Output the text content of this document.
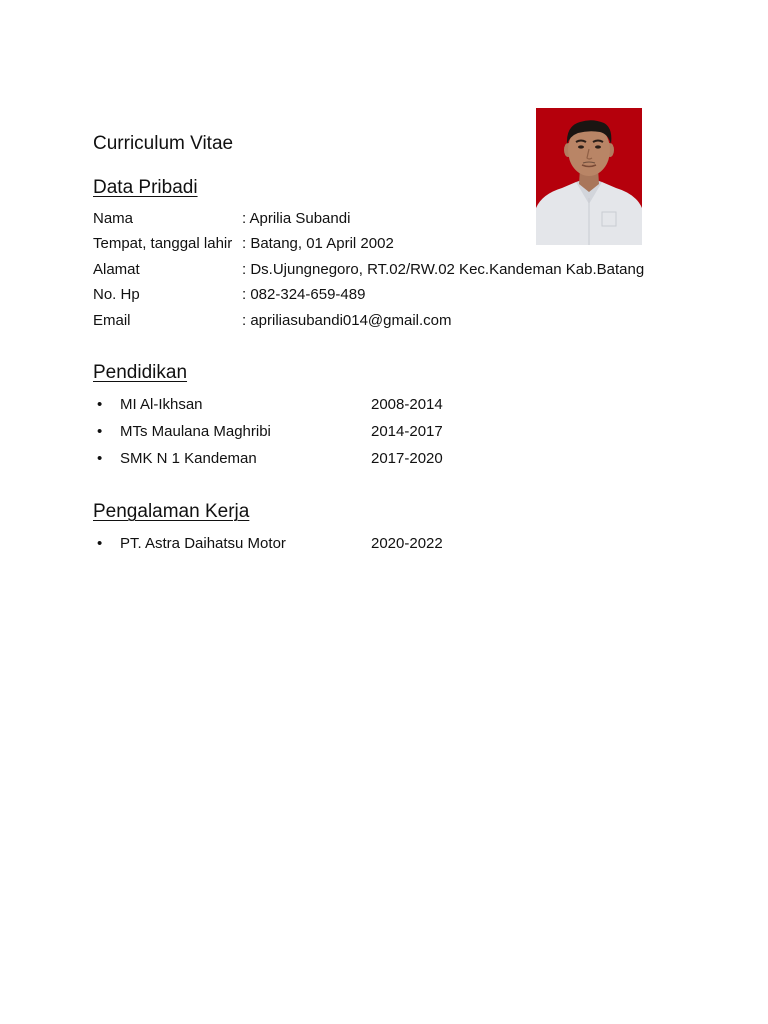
Curriculum Vitae
Data Pribadi
Nama	: Aprilia Subandi
Tempat, tanggal lahir : Batang, 01 April 2002
Alamat	: Ds.Ujungnegoro, RT.02/RW.02 Kec.Kandeman Kab.Batang
No. Hp	: 082-324-659-489
Email	: apriliasubandi014@gmail.com
Pendidikan
• MI Al-Ikhsan	2008-2014
• MTs Maulana Maghribi	2014-2017
• SMK N 1 Kandeman	2017-2020
Pengalaman Kerja
• PT. Astra Daihatsu Motor	2020-2022
